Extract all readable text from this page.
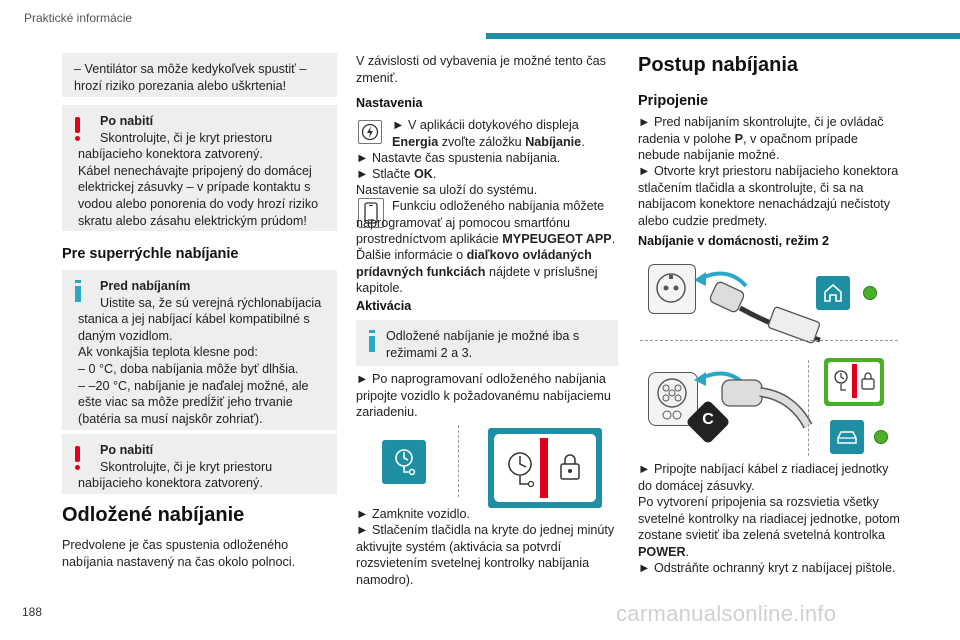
Praktické informácie

– Ventilátor sa môže kedykoľvek spustiť – hrozí riziko porezania alebo uškrtenia!

Po nabití

Skontrolujte, či je kryt priestoru nabíjacieho konektora zatvorený.
Kábel nenechávajte pripojený do domácej elektrickej zásuvky – v prípade kontaktu s vodou alebo ponorenia do vody hrozí riziko skratu alebo zásahu elektrickým prúdom!

Pre superrýchle nabíjanie

Pred nabíjaním

Uistite sa, že sú verejná rýchlonabíjacia stanica a jej nabíjací kábel kompatibilné s daným vozidlom.
Ak vonkajšia teplota klesne pod:
– 0 °C, doba nabíjania môže byť dlhšia.
– –20 °C, nabíjanie je naďalej možné, ale ešte viac sa môže predĺžiť jeho trvanie (batéria sa musí najskôr zohriať).

Po nabití

Skontrolujte, či je kryt priestoru nabíjacieho konektora zatvorený.

Odložené nabíjanie

Predvolene je čas spustenia odloženého nabíjania nastavený na čas okolo polnoci.

V závislosti od vybavenia je možné tento čas zmeniť.

Nastavenia

► V aplikácii dotykového displeja Energia zvoľte záložku Nabíjanie.

► Nastavte čas spustenia nabíjania.

► Stlačte OK.

Nastavenie sa uloží do systému.

Funkciu odloženého nabíjania môžete naprogramovať aj pomocou smartfónu prostredníctvom aplikácie MYPEUGEOT APP.

Ďalšie informácie o diaľkovo ovládaných prídavných funkciách nájdete v príslušnej kapitole.

Aktivácia

Odložené nabíjanie je možné iba s režimami 2 a 3.

► Po naprogramovaní odloženého nabíjania pripojte vozidlo k požadovanému nabíjaciemu zariadeniu.

► Zamknite vozidlo.

► Stlačením tlačidla na kryte do jednej minúty aktivujte systém (aktivácia sa potvrdí rozsvietením svetelnej kontrolky nabíjania namodro).

Postup nabíjania
Pripojenie

► Pred nabíjaním skontrolujte, či je ovládač radenia v polohe P, v opačnom prípade nebude nabíjanie možné.

► Otvorte kryt priestoru nabíjacieho konektora stlačením tlačidla a skontrolujte, či sa na nabíjacom konektore nenachádzajú nečistoty alebo cudzie predmety.

Nabíjanie v domácnosti, režim 2
C

► Pripojte nabíjací kábel z riadiacej jednotky do domácej zásuvky.

Po vytvorení pripojenia sa rozsvietia všetky svetelné kontrolky na riadiacej jednotke, potom zostane svietiť iba zelená svetelná kontrolka POWER.

► Odstráňte ochranný kryt z nabíjacej pištole.

188	carmanualsonline.info
